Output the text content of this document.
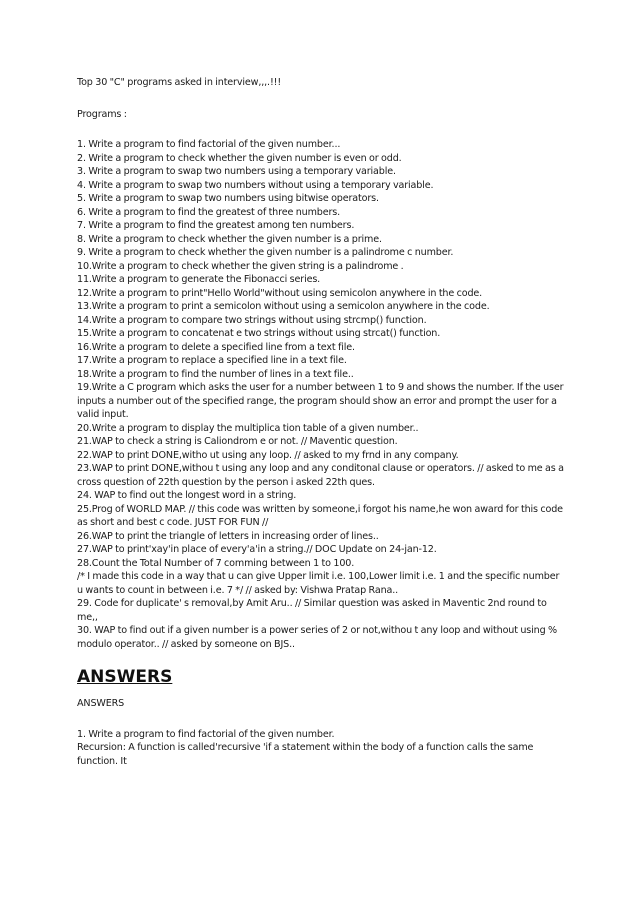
Top 30 "C" programs asked in interview,,,.!!!

Programs :

1. Write a program to find factorial of the given number...

2. Write a program to check whether the given number is even or odd.

3. Write a program to swap two numbers using a temporary variable.

4. Write a program to swap two numbers without using a temporary variable.

5. Write a program to swap two numbers using bitwise operators.

6. Write a program to find the greatest of three numbers.

7. Write a program to find the greatest among ten numbers.

8. Write a program to check whether the given number is a prime.

9. Write a program to check whether the given number is a palindrome c number.

10.Write a program to check whether the given string is a palindrome .

11.Write a program to generate the Fibonacci series.

12.Write a program to print"Hello World"without using semicolon anywhere in the code.

13.Write a program to print a semicolon without using a semicolon anywhere in the code.

14.Write a program to compare two strings without using strcmp() function.

15.Write a program to concatenat e two strings without using strcat() function.

16.Write a program to delete a specified line from a text file.

17.Write a program to replace a specified line in a text file.

18.Write a program to find the number of lines in a text file..

19.Write a C program which asks the user for a number between 1 to 9 and shows the number. If the user

inputs a number out of the specified range, the program should show an error and prompt the user for a

valid input.

20.Write a program to display the multiplica tion table of a given number..

21.WAP to check a string is Caliondrom e or not. // Maventic question.

22.WAP to print DONE,witho ut using any loop. // asked to my frnd in any company.

23.WAP to print DONE,withou t using any loop and any conditonal clause or operators. // asked to me as a cross question of 22th question by the person i asked 22th ques.

24. WAP to find out the longest word in a string.

25.Prog of WORLD MAP. // this code was written by someone,i forgot his name,he won award for this code as short and best c code. JUST FOR FUN //

26.WAP to print the triangle of letters in increasing order of lines..

27.WAP to print'xay'in place of every'a'in a string.// DOC Update on 24-jan-12.

28.Count the Total Number of 7 comming between 1 to 100.

/* I made this code in a way that u can give Upper limit i.e. 100,Lower limit i.e. 1 and the specific number u wants to count in between i.e. 7 */ // asked by: Vishwa Pratap Rana..

29. Code for duplicate' s removal,by Amit Aru.. // Similar question was asked in Maventic 2nd round to me,,

30. WAP to find out if a given number is a power series of 2 or not,withou t any loop and without using % modulo operator.. // asked by someone on BJS..

ANSWERS

ANSWERS

1. Write a program to find factorial of the given number.

Recursion: A function is called'recursive 'if a statement within the body of a function calls the same function. It
